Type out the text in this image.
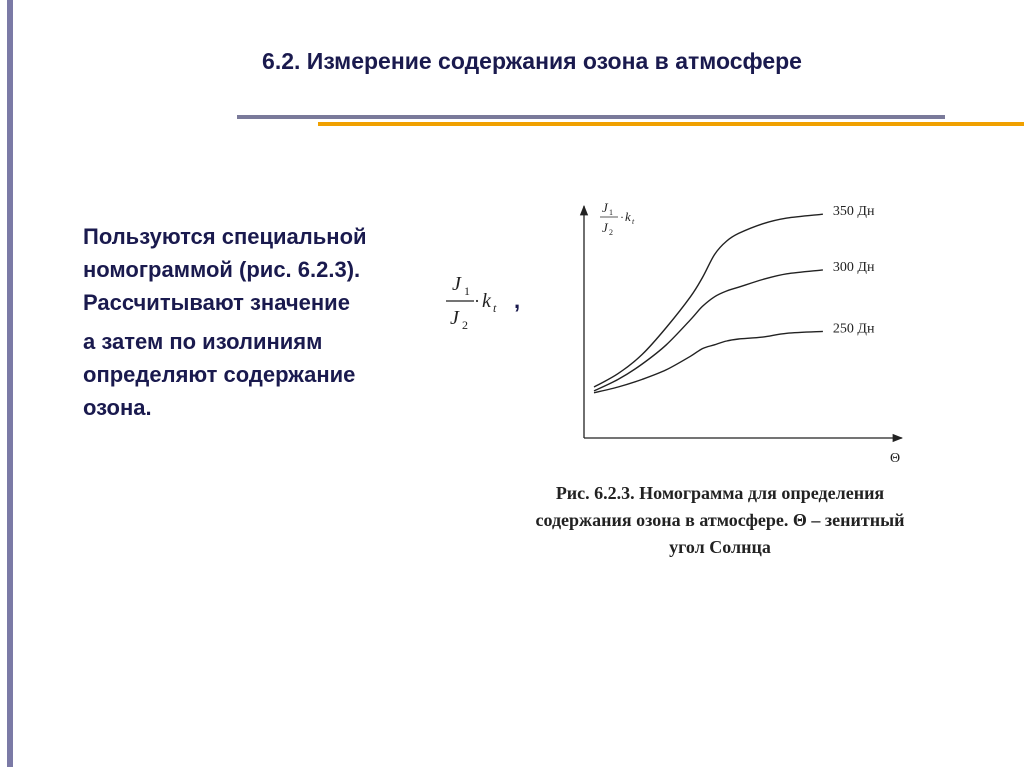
6.2. Измерение содержания озона в атмосфере
Пользуются специальной
номограммой (рис. 6.2.3).
Рассчитывают значение
а затем по изолиниям
определяют содержание
озона.
J 1
J 2
· k t ,
J 1
J 2
· k t
Θ
350 Дн
300 Дн
250 Дн
Рис. 6.2.3. Номограмма для определения
содержания озона в атмосфере. Θ – зенитный
угол Солнца
